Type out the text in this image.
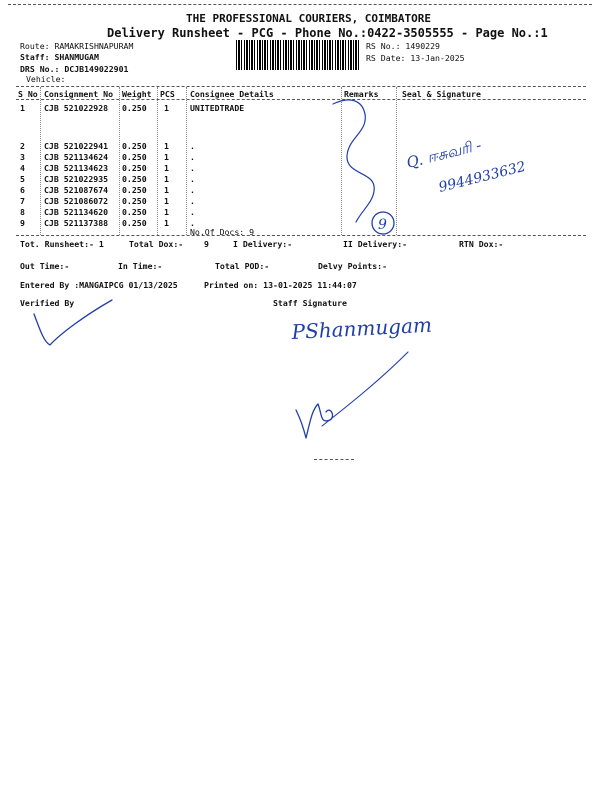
THE PROFESSIONAL COURIERS, COIMBATORE
Delivery Runsheet - PCG - Phone No.:0422-3505555 - Page No.:1
Route: RAMAKRISHNAPURAM
Staff: SHANMUGAM
DRS No.: DCJB149022901
Vehicle:
RS No.: 1490229
RS Date: 13-Jan-2025
S No Consignment No Weight PCS Consignee Details	Remarks	Seal & Signature
1 CJB 521022928 0.250 1	UNITEDTRADE
2 CJB 521022941 0.250 1	.
3 CJB 521134624 0.250 1	.
4 CJB 521134623 0.250 1	.
5 CJB 521022935 0.250 1	.
6 CJB 521087674 0.250 1	.
7 CJB 521086072 0.250 1	.
8 CJB 521134620 0.250 1	.
9 CJB 521137388 0.250 1	.
No.Of Docs: 9
Tot. Runsheet:- 1	Total Dox:-	9	I Delivery:-	II Delivery:-	RTN Dox:-
Out Time:-	In Time:-	Total POD:-	Delvy Points:-
Entered By :MANGAIPCG 01/13/2025	Printed on: 13-01-2025 11:44:07
Verified By	Staff Signature
9
Q. ஈசுவரி -
9944933632
PShanmugam
